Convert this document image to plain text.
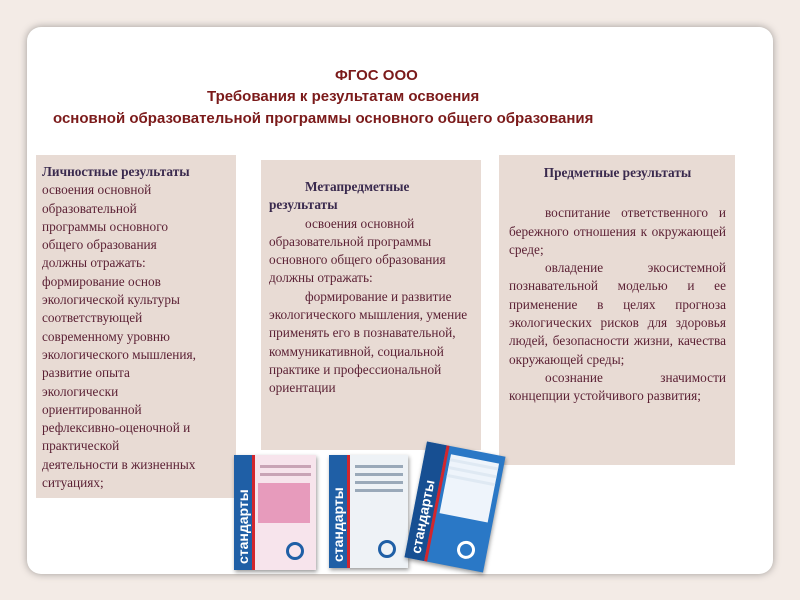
ФГОС ООО
Требования к результатам освоения
основной образовательной программы основного общего образования
Личностные результаты
освоения основной
образовательной
программы основного
общего образования
должны отражать:
формирование основ
экологической культуры
соответствующей
современному уровню
экологического мышления,
развитие опыта
экологически
ориентированной
рефлексивно-оценочной и
практической
деятельности в жизненных
ситуациях;
Метапредметные результаты
освоения основной образовательной программы основного общего образования должны отражать:
формирование и развитие экологического мышления, умение применять его в познавательной, коммуникативной, социальной практике и профессиональной ориентации
Предметные результаты
воспитание ответственного и бережного отношения к окружающей среде;
овладение экосистемной познавательной моделью и ее применение в целях прогноза экологических рисков для здоровья людей, безопасности жизни, качества окружающей среды;
осознание значимости концепции устойчивого развития;
стандарты	стандарты	стандарты
